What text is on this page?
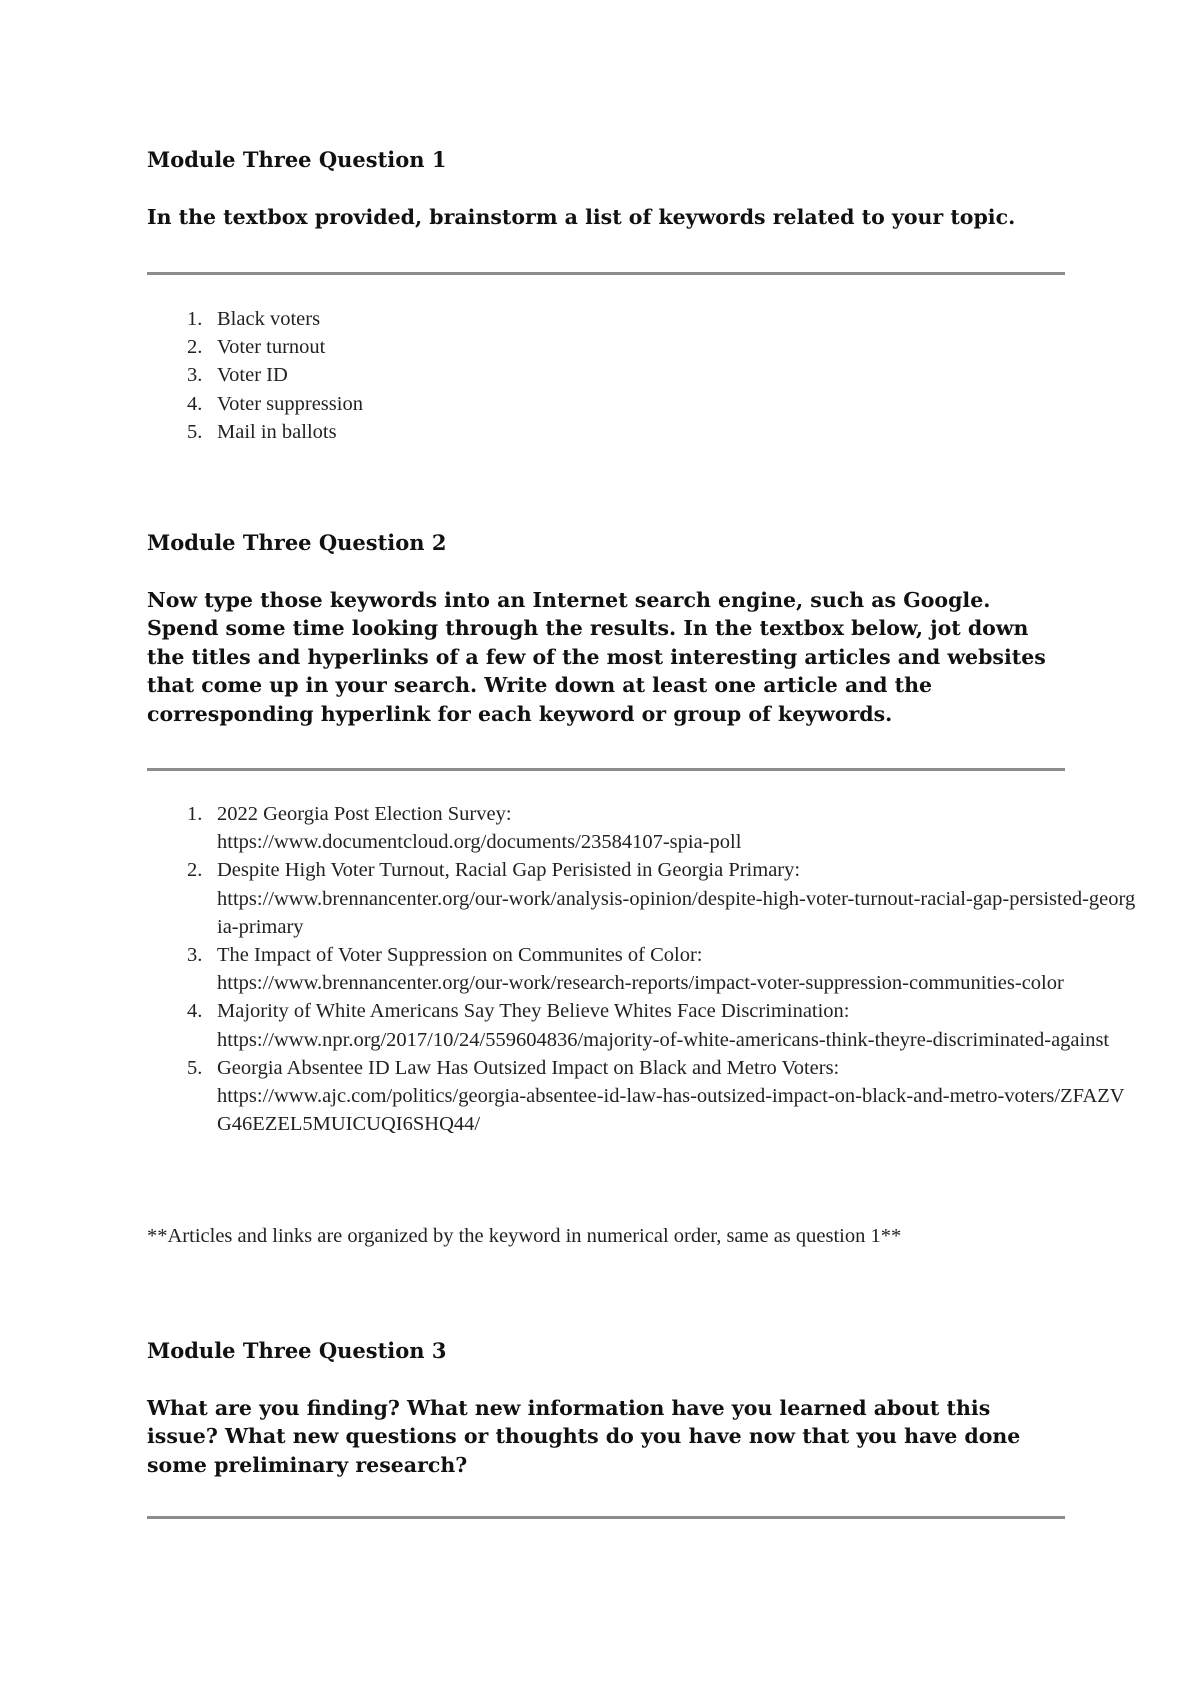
Module Three Question 1

In the textbox provided, brainstorm a list of keywords related to your topic.

1. Black voters
2. Voter turnout
3. Voter ID
4. Voter suppression
5. Mail in ballots

Module Three Question 2

Now type those keywords into an Internet search engine, such as Google. Spend some time looking through the results. In the textbox below, jot down the titles and hyperlinks of a few of the most interesting articles and websites that come up in your search. Write down at least one article and the corresponding hyperlink for each keyword or group of keywords.

1. 2022 Georgia Post Election Survey:
https://www.documentcloud.org/documents/23584107-spia-poll
2. Despite High Voter Turnout, Racial Gap Perisisted in Georgia Primary:
https://www.brennancenter.org/our-work/analysis-opinion/despite-high-voter-turnout-racial-gap-persisted-georgia-primary
3. The Impact of Voter Suppression on Communites of Color:
https://www.brennancenter.org/our-work/research-reports/impact-voter-suppression-communities-color
4. Majority of White Americans Say They Believe Whites Face Discrimination:
https://www.npr.org/2017/10/24/559604836/majority-of-white-americans-think-theyre-discriminated-against
5. Georgia Absentee ID Law Has Outsized Impact on Black and Metro Voters:
https://www.ajc.com/politics/georgia-absentee-id-law-has-outsized-impact-on-black-and-metro-voters/ZFAZVG46EZEL5MUICUQI6SHQ44/

**Articles and links are organized by the keyword in numerical order, same as question 1**

Module Three Question 3

What are you finding? What new information have you learned about this issue? What new questions or thoughts do you have now that you have done some preliminary research?
